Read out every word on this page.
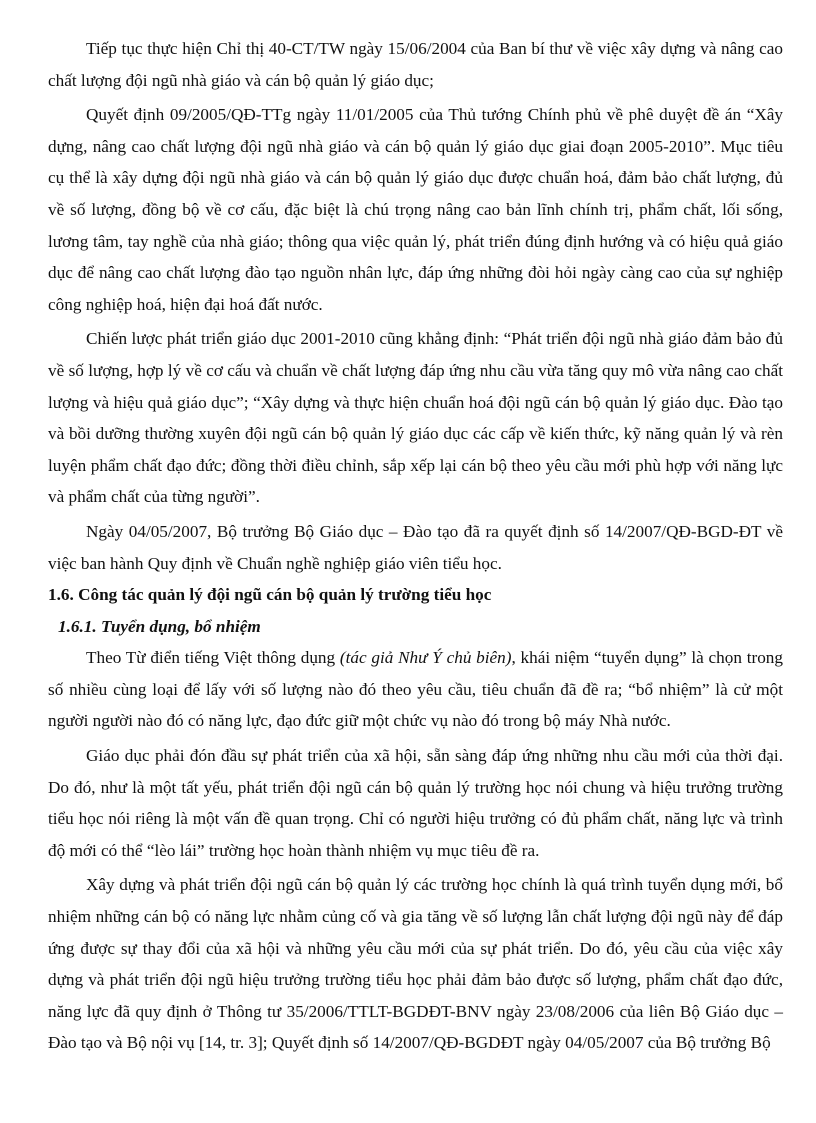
Tiếp tục thực hiện Chỉ thị 40-CT/TW ngày 15/06/2004 của Ban bí thư về việc xây dựng và nâng cao chất lượng đội ngũ nhà giáo và cán bộ quản lý giáo dục;

Quyết định 09/2005/QĐ-TTg ngày 11/01/2005 của Thủ tướng Chính phủ về phê duyệt đề án “Xây dựng, nâng cao chất lượng đội ngũ nhà giáo và cán bộ quản lý giáo dục giai đoạn 2005-2010”. Mục tiêu cụ thể là xây dựng đội ngũ nhà giáo và cán bộ quản lý giáo dục được chuẩn hoá, đảm bảo chất lượng, đủ về số lượng, đồng bộ về cơ cấu, đặc biệt là chú trọng nâng cao bản lĩnh chính trị, phẩm chất, lối sống, lương tâm, tay nghề của nhà giáo; thông qua việc quản lý, phát triển đúng định hướng và có hiệu quả giáo dục để nâng cao chất lượng đào tạo nguồn nhân lực, đáp ứng những đòi hỏi ngày càng cao của sự nghiệp công nghiệp hoá, hiện đại hoá đất nước.

Chiến lược phát triển giáo dục 2001-2010 cũng khẳng định: “Phát triển đội ngũ nhà giáo đảm bảo đủ về số lượng, hợp lý về cơ cấu và chuẩn về chất lượng đáp ứng nhu cầu vừa tăng quy mô vừa nâng cao chất lượng và hiệu quả giáo dục”; “Xây dựng và thực hiện chuẩn hoá đội ngũ cán bộ quản lý giáo dục. Đào tạo và bồi dưỡng thường xuyên đội ngũ cán bộ quản lý giáo dục các cấp về kiến thức, kỹ năng quản lý và rèn luyện phẩm chất đạo đức; đồng thời điều chỉnh, sắp xếp lại cán bộ theo yêu cầu mới phù hợp với năng lực và phẩm chất của từng người”.

Ngày 04/05/2007, Bộ trưởng Bộ Giáo dục – Đào tạo đã ra quyết định số 14/2007/QĐ-BGD-ĐT về việc ban hành Quy định về Chuẩn nghề nghiệp giáo viên tiểu học.

1.6. Công tác quản lý đội ngũ cán bộ quản lý trường tiểu học

1.6.1. Tuyển dụng, bổ nhiệm

Theo Từ điển tiếng Việt thông dụng (tác giả Như Ý chủ biên), khái niệm “tuyển dụng” là chọn trong số nhiều cùng loại để lấy với số lượng nào đó theo yêu cầu, tiêu chuẩn đã đề ra; “bổ nhiệm” là cử một người người nào đó có năng lực, đạo đức giữ một chức vụ nào đó trong bộ máy Nhà nước.

Giáo dục phải đón đầu sự phát triển của xã hội, sẵn sàng đáp ứng những nhu cầu mới của thời đại. Do đó, như là một tất yếu, phát triển đội ngũ cán bộ quản lý trường học nói chung và hiệu trưởng trường tiểu học nói riêng là một vấn đề quan trọng. Chỉ có người hiệu trưởng có đủ phẩm chất, năng lực và trình độ mới có thể “lèo lái” trường học hoàn thành nhiệm vụ mục tiêu đề ra.

Xây dựng và phát triển đội ngũ cán bộ quản lý các trường học chính là quá trình tuyển dụng mới, bổ nhiệm những cán bộ có năng lực nhằm củng cố và gia tăng về số lượng lẫn chất lượng đội ngũ này để đáp ứng được sự thay đổi của xã hội và những yêu cầu mới của sự phát triển. Do đó, yêu cầu của việc xây dựng và phát triển đội ngũ hiệu trưởng trường tiểu học phải đảm bảo được số lượng, phẩm chất đạo đức, năng lực đã quy định ở Thông tư 35/2006/TTLT-BGDĐT-BNV ngày 23/08/2006 của liên Bộ Giáo dục – Đào tạo và Bộ nội vụ [14, tr. 3]; Quyết định số 14/2007/QĐ-BGDĐT ngày 04/05/2007 của Bộ trưởng Bộ
